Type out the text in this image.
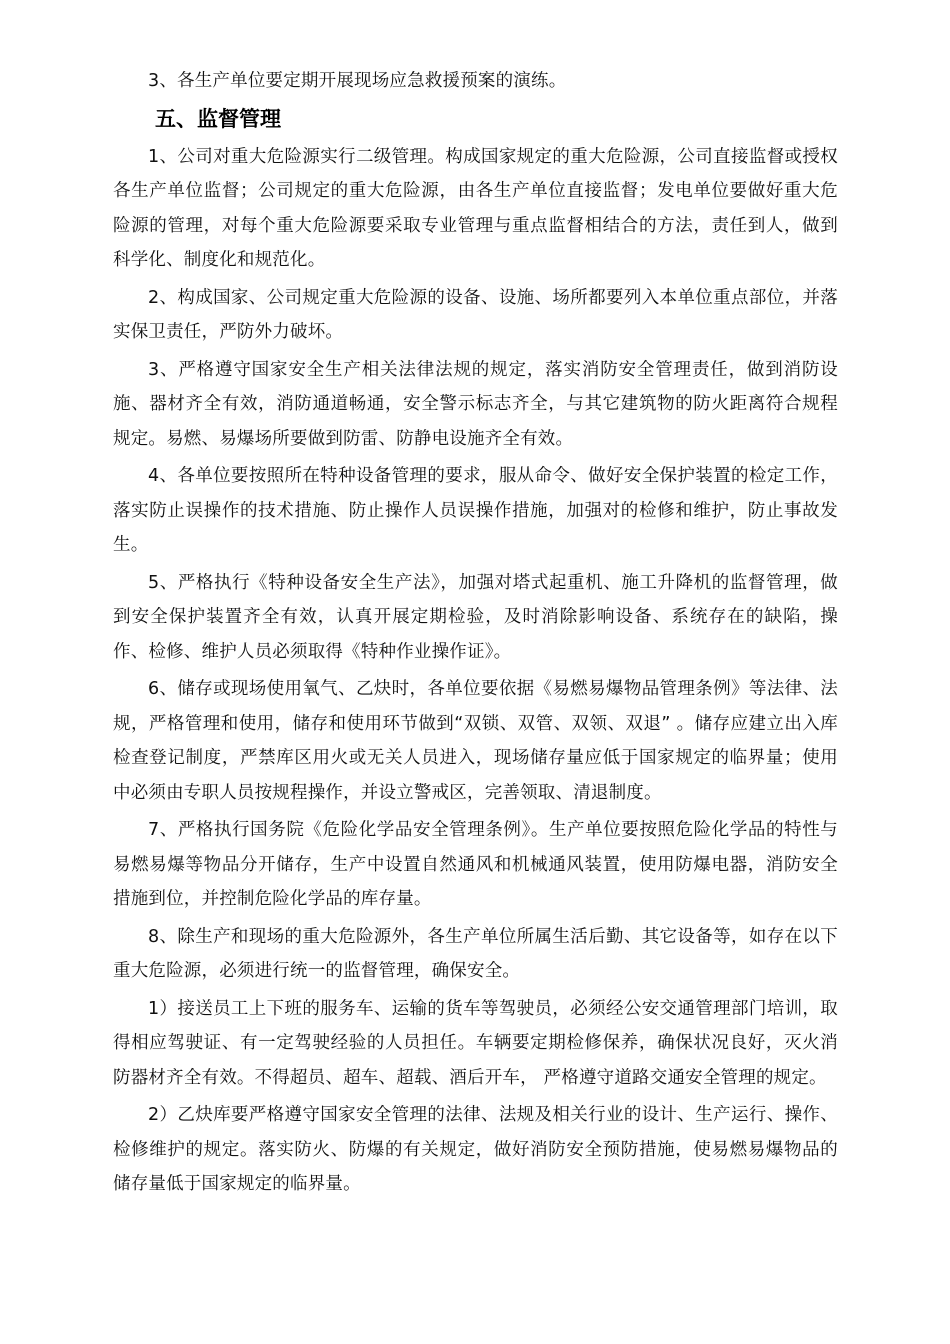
3、各生产单位要定期开展现场应急救援预案的演练。

五、监督管理

1、公司对重大危险源实行二级管理。构成国家规定的重大危险源，公司直接监督或授权各生产单位监督；公司规定的重大危险源，由各生产单位直接监督；发电单位要做好重大危险源的管理，对每个重大危险源要采取专业管理与重点监督相结合的方法，责任到人，做到科学化、制度化和规范化。

2、构成国家、公司规定重大危险源的设备、设施、场所都要列入本单位重点部位，并落实保卫责任，严防外力破坏。

3、严格遵守国家安全生产相关法律法规的规定，落实消防安全管理责任，做到消防设施、器材齐全有效，消防通道畅通，安全警示标志齐全，与其它建筑物的防火距离符合规程规定。易燃、易爆场所要做到防雷、防静电设施齐全有效。

4、各单位要按照所在特种设备管理的要求，服从命令、做好安全保护装置的检定工作，落实防止误操作的技术措施、防止操作人员误操作措施，加强对的检修和维护，防止事故发生。

5、严格执行《特种设备安全生产法》，加强对塔式起重机、施工升降机的监督管理，做到安全保护装置齐全有效，认真开展定期检验，及时消除影响设备、系统存在的缺陷，操作、检修、维护人员必须取得《特种作业操作证》。

6、储存或现场使用氧气、乙炔时，各单位要依据《易燃易爆物品管理条例》等法律、法规，严格管理和使用，储存和使用环节做到“双锁、双管、双领、双退” 。储存应建立出入库检查登记制度，严禁库区用火或无关人员进入，现场储存量应低于国家规定的临界量；使用中必须由专职人员按规程操作，并设立警戒区，完善领取、清退制度。

7、严格执行国务院《危险化学品安全管理条例》。生产单位要按照危险化学品的特性与易燃易爆等物品分开储存，生产中设置自然通风和机械通风装置，使用防爆电器，消防安全措施到位，并控制危险化学品的库存量。

8、除生产和现场的重大危险源外，各生产单位所属生活后勤、其它设备等，如存在以下重大危险源，必须进行统一的监督管理，确保安全。

1）接送员工上下班的服务车、运输的货车等驾驶员，必须经公安交通管理部门培训，取得相应驾驶证、有一定驾驶经验的人员担任。车辆要定期检修保养，确保状况良好，灭火消防器材齐全有效。不得超员、超车、超载、酒后开车， 严格遵守道路交通安全管理的规定。

2）乙炔库要严格遵守国家安全管理的法律、法规及相关行业的设计、生产运行、操作、检修维护的规定。落实防火、防爆的有关规定，做好消防安全预防措施，使易燃易爆物品的储存量低于国家规定的临界量。
